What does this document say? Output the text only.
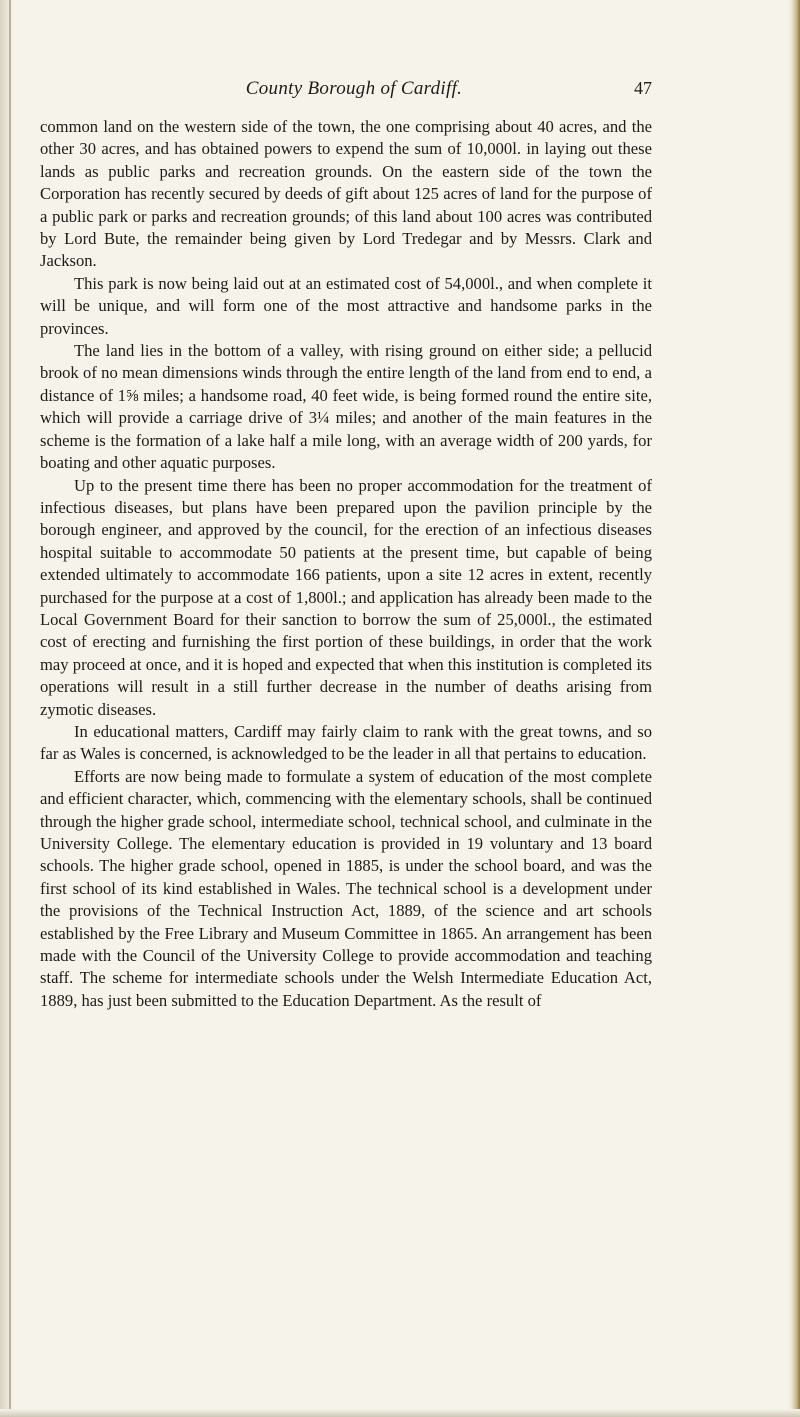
County Borough of Cardiff.	47

common land on the western side of the town, the one comprising about 40 acres, and the other 30 acres, and has obtained powers to expend the sum of 10,000l. in laying out these lands as public parks and recreation grounds. On the eastern side of the town the Corporation has recently secured by deeds of gift about 125 acres of land for the purpose of a public park or parks and recreation grounds; of this land about 100 acres was contributed by Lord Bute, the remainder being given by Lord Tredegar and by Messrs. Clark and Jackson.

This park is now being laid out at an estimated cost of 54,000l., and when complete it will be unique, and will form one of the most attractive and handsome parks in the provinces.

The land lies in the bottom of a valley, with rising ground on either side; a pellucid brook of no mean dimensions winds through the entire length of the land from end to end, a distance of 1⅝ miles; a handsome road, 40 feet wide, is being formed round the entire site, which will provide a carriage drive of 3¼ miles; and another of the main features in the scheme is the formation of a lake half a mile long, with an average width of 200 yards, for boating and other aquatic purposes.

Up to the present time there has been no proper accommodation for the treatment of infectious diseases, but plans have been prepared upon the pavilion principle by the borough engineer, and approved by the council, for the erection of an infectious diseases hospital suitable to accommodate 50 patients at the present time, but capable of being extended ultimately to accommodate 166 patients, upon a site 12 acres in extent, recently purchased for the purpose at a cost of 1,800l.; and application has already been made to the Local Government Board for their sanction to borrow the sum of 25,000l., the estimated cost of erecting and furnishing the first portion of these buildings, in order that the work may proceed at once, and it is hoped and expected that when this institution is completed its operations will result in a still further decrease in the number of deaths arising from zymotic diseases.

In educational matters, Cardiff may fairly claim to rank with the great towns, and so far as Wales is concerned, is acknowledged to be the leader in all that pertains to education.

Efforts are now being made to formulate a system of education of the most complete and efficient character, which, commencing with the elementary schools, shall be continued through the higher grade school, intermediate school, technical school, and culminate in the University College. The elementary education is provided in 19 voluntary and 13 board schools. The higher grade school, opened in 1885, is under the school board, and was the first school of its kind established in Wales. The technical school is a development under the provisions of the Technical Instruction Act, 1889, of the science and art schools established by the Free Library and Museum Committee in 1865. An arrangement has been made with the Council of the University College to provide accommodation and teaching staff. The scheme for intermediate schools under the Welsh Intermediate Education Act, 1889, has just been submitted to the Education Department. As the result of
